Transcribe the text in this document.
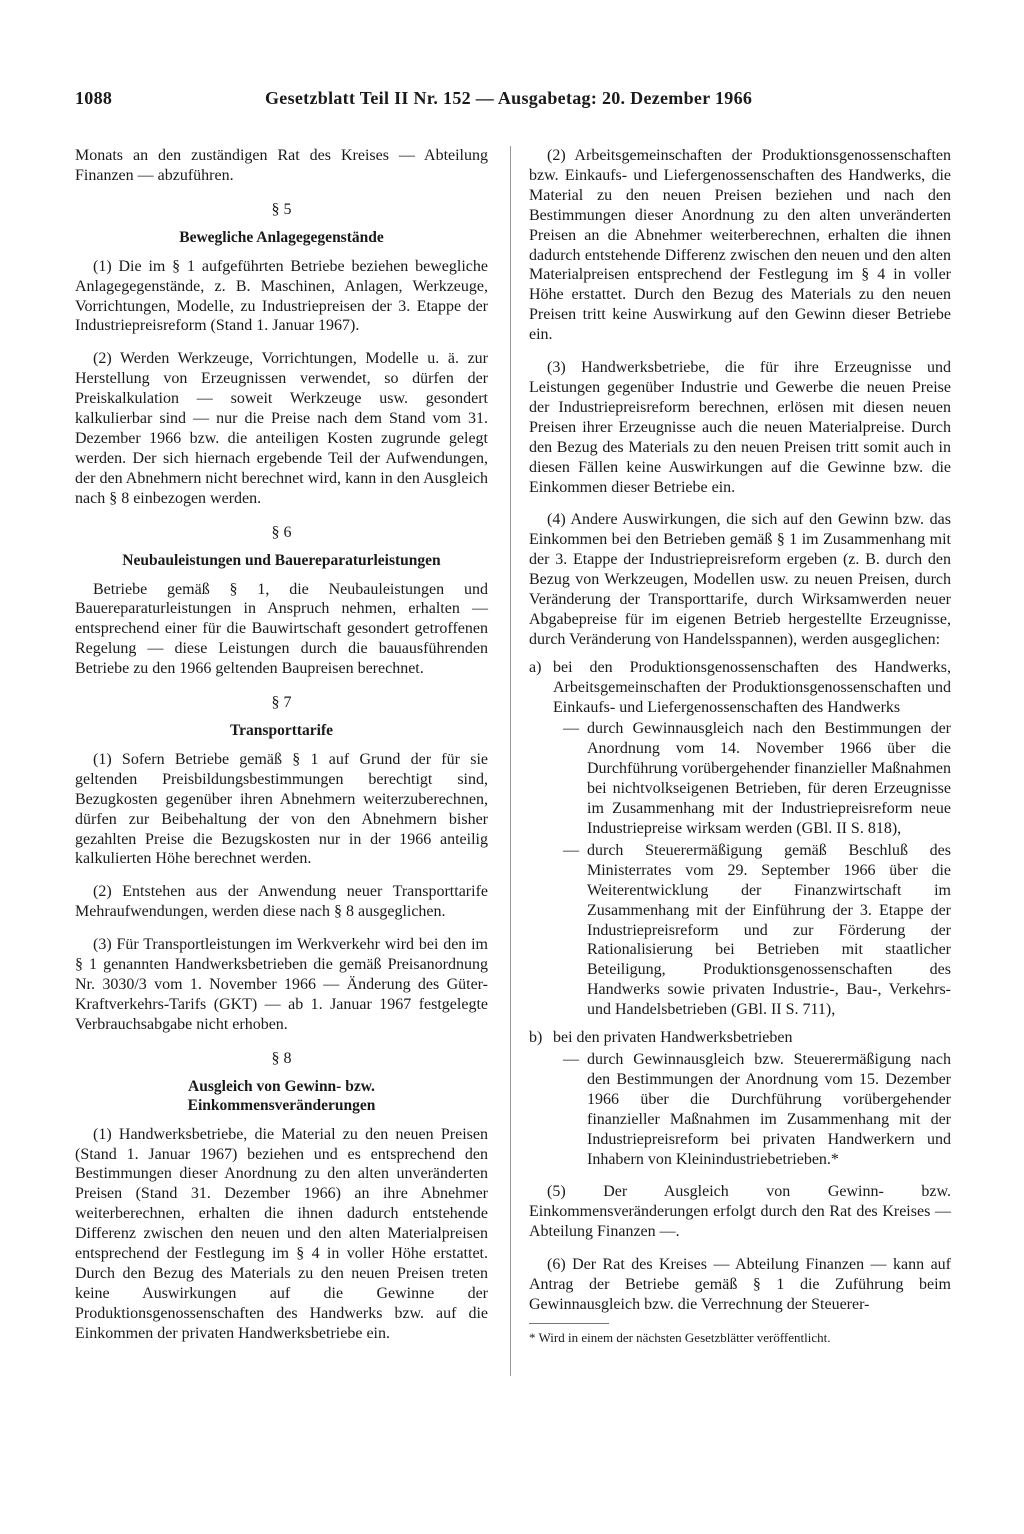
1088	Gesetzblatt Teil II Nr. 152 — Ausgabetag: 20. Dezember 1966

Monats an den zuständigen Rat des Kreises — Abteilung Finanzen — abzuführen.

§ 5
Bewegliche Anlagegegenstände

(1) Die im § 1 aufgeführten Betriebe beziehen bewegliche Anlagegegenstände, z. B. Maschinen, Anlagen, Werkzeuge, Vorrichtungen, Modelle, zu Industriepreisen der 3. Etappe der Industriepreisreform (Stand 1. Januar 1967).

(2) Werden Werkzeuge, Vorrichtungen, Modelle u. ä. zur Herstellung von Erzeugnissen verwendet, so dürfen der Preiskalkulation — soweit Werkzeuge usw. gesondert kalkulierbar sind — nur die Preise nach dem Stand vom 31. Dezember 1966 bzw. die anteiligen Kosten zugrunde gelegt werden. Der sich hiernach ergebende Teil der Aufwendungen, der den Abnehmern nicht berechnet wird, kann in den Ausgleich nach § 8 einbezogen werden.

§ 6
Neubauleistungen und Bauereparaturleistungen

Betriebe gemäß § 1, die Neubauleistungen und Bauereparaturleistungen in Anspruch nehmen, erhalten — entsprechend einer für die Bauwirtschaft gesondert getroffenen Regelung — diese Leistungen durch die bauausführenden Betriebe zu den 1966 geltenden Baupreisen berechnet.

§ 7
Transporttarife

(1) Sofern Betriebe gemäß § 1 auf Grund der für sie geltenden Preisbildungsbestimmungen berechtigt sind, Bezugkosten gegenüber ihren Abnehmern weiterzuberechnen, dürfen zur Beibehaltung der von den Abnehmern bisher gezahlten Preise die Bezugskosten nur in der 1966 anteilig kalkulierten Höhe berechnet werden.

(2) Entstehen aus der Anwendung neuer Transporttarife Mehraufwendungen, werden diese nach § 8 ausgeglichen.

(3) Für Transportleistungen im Werkverkehr wird bei den im § 1 genannten Handwerksbetrieben die gemäß Preisanordnung Nr. 3030/3 vom 1. November 1966 — Änderung des Güter-Kraftverkehrs-Tarifs (GKT) — ab 1. Januar 1967 festgelegte Verbrauchsabgabe nicht erhoben.

§ 8
Ausgleich von Gewinn- bzw.
Einkommensveränderungen

(1) Handwerksbetriebe, die Material zu den neuen Preisen (Stand 1. Januar 1967) beziehen und es entsprechend den Bestimmungen dieser Anordnung zu den alten unveränderten Preisen (Stand 31. Dezember 1966) an ihre Abnehmer weiterberechnen, erhalten die ihnen dadurch entstehende Differenz zwischen den neuen und den alten Materialpreisen entsprechend der Festlegung im § 4 in voller Höhe erstattet. Durch den Bezug des Materials zu den neuen Preisen treten keine Auswirkungen auf die Gewinne der Produktionsgenossenschaften des Handwerks bzw. auf die Einkommen der privaten Handwerksbetriebe ein.

(2) Arbeitsgemeinschaften der Produktionsgenossenschaften bzw. Einkaufs- und Liefergenossenschaften des Handwerks, die Material zu den neuen Preisen beziehen und nach den Bestimmungen dieser Anordnung zu den alten unveränderten Preisen an die Abnehmer weiterberechnen, erhalten die ihnen dadurch entstehende Differenz zwischen den neuen und den alten Materialpreisen entsprechend der Festlegung im § 4 in voller Höhe erstattet. Durch den Bezug des Materials zu den neuen Preisen tritt keine Auswirkung auf den Gewinn dieser Betriebe ein.

(3) Handwerksbetriebe, die für ihre Erzeugnisse und Leistungen gegenüber Industrie und Gewerbe die neuen Preise der Industriepreisreform berechnen, erlösen mit diesen neuen Preisen ihrer Erzeugnisse auch die neuen Materialpreise. Durch den Bezug des Materials zu den neuen Preisen tritt somit auch in diesen Fällen keine Auswirkungen auf die Gewinne bzw. die Einkommen dieser Betriebe ein.

(4) Andere Auswirkungen, die sich auf den Gewinn bzw. das Einkommen bei den Betrieben gemäß § 1 im Zusammenhang mit der 3. Etappe der Industriepreisreform ergeben (z. B. durch den Bezug von Werkzeugen, Modellen usw. zu neuen Preisen, durch Veränderung der Transporttarife, durch Wirksamwerden neuer Abgabepreise für im eigenen Betrieb hergestellte Erzeugnisse, durch Veränderung von Handelsspannen), werden ausgeglichen:

a) bei den Produktionsgenossenschaften des Handwerks, Arbeitsgemeinschaften der Produktionsgenossenschaften und Einkaufs- und Liefergenossenschaften des Handwerks
— durch Gewinnausgleich nach den Bestimmungen der Anordnung vom 14. November 1966 über die Durchführung vorübergehender finanzieller Maßnahmen bei nichtvolkseigenen Betrieben, für deren Erzeugnisse im Zusammenhang mit der Industriepreisreform neue Industriepreise wirksam werden (GBl. II S. 818),
— durch Steuerermäßigung gemäß Beschluß des Ministerrates vom 29. September 1966 über die Weiterentwicklung der Finanzwirtschaft im Zusammenhang mit der Einführung der 3. Etappe der Industriepreisreform und zur Förderung der Rationalisierung bei Betrieben mit staatlicher Beteiligung, Produktionsgenossenschaften des Handwerks sowie privaten Industrie-, Bau-, Verkehrs- und Handelsbetrieben (GBl. II S. 711),
b) bei den privaten Handwerksbetrieben
— durch Gewinnausgleich bzw. Steuerermäßigung nach den Bestimmungen der Anordnung vom 15. Dezember 1966 über die Durchführung vorübergehender finanzieller Maßnahmen im Zusammenhang mit der Industriepreisreform bei privaten Handwerkern und Inhabern von Kleinindustriebetrieben.*

(5) Der Ausgleich von Gewinn- bzw. Einkommensveränderungen erfolgt durch den Rat des Kreises — Abteilung Finanzen —.

(6) Der Rat des Kreises — Abteilung Finanzen — kann auf Antrag der Betriebe gemäß § 1 die Zuführung beim Gewinnausgleich bzw. die Verrechnung der Steuerer-

* Wird in einem der nächsten Gesetzblätter veröffentlicht.
